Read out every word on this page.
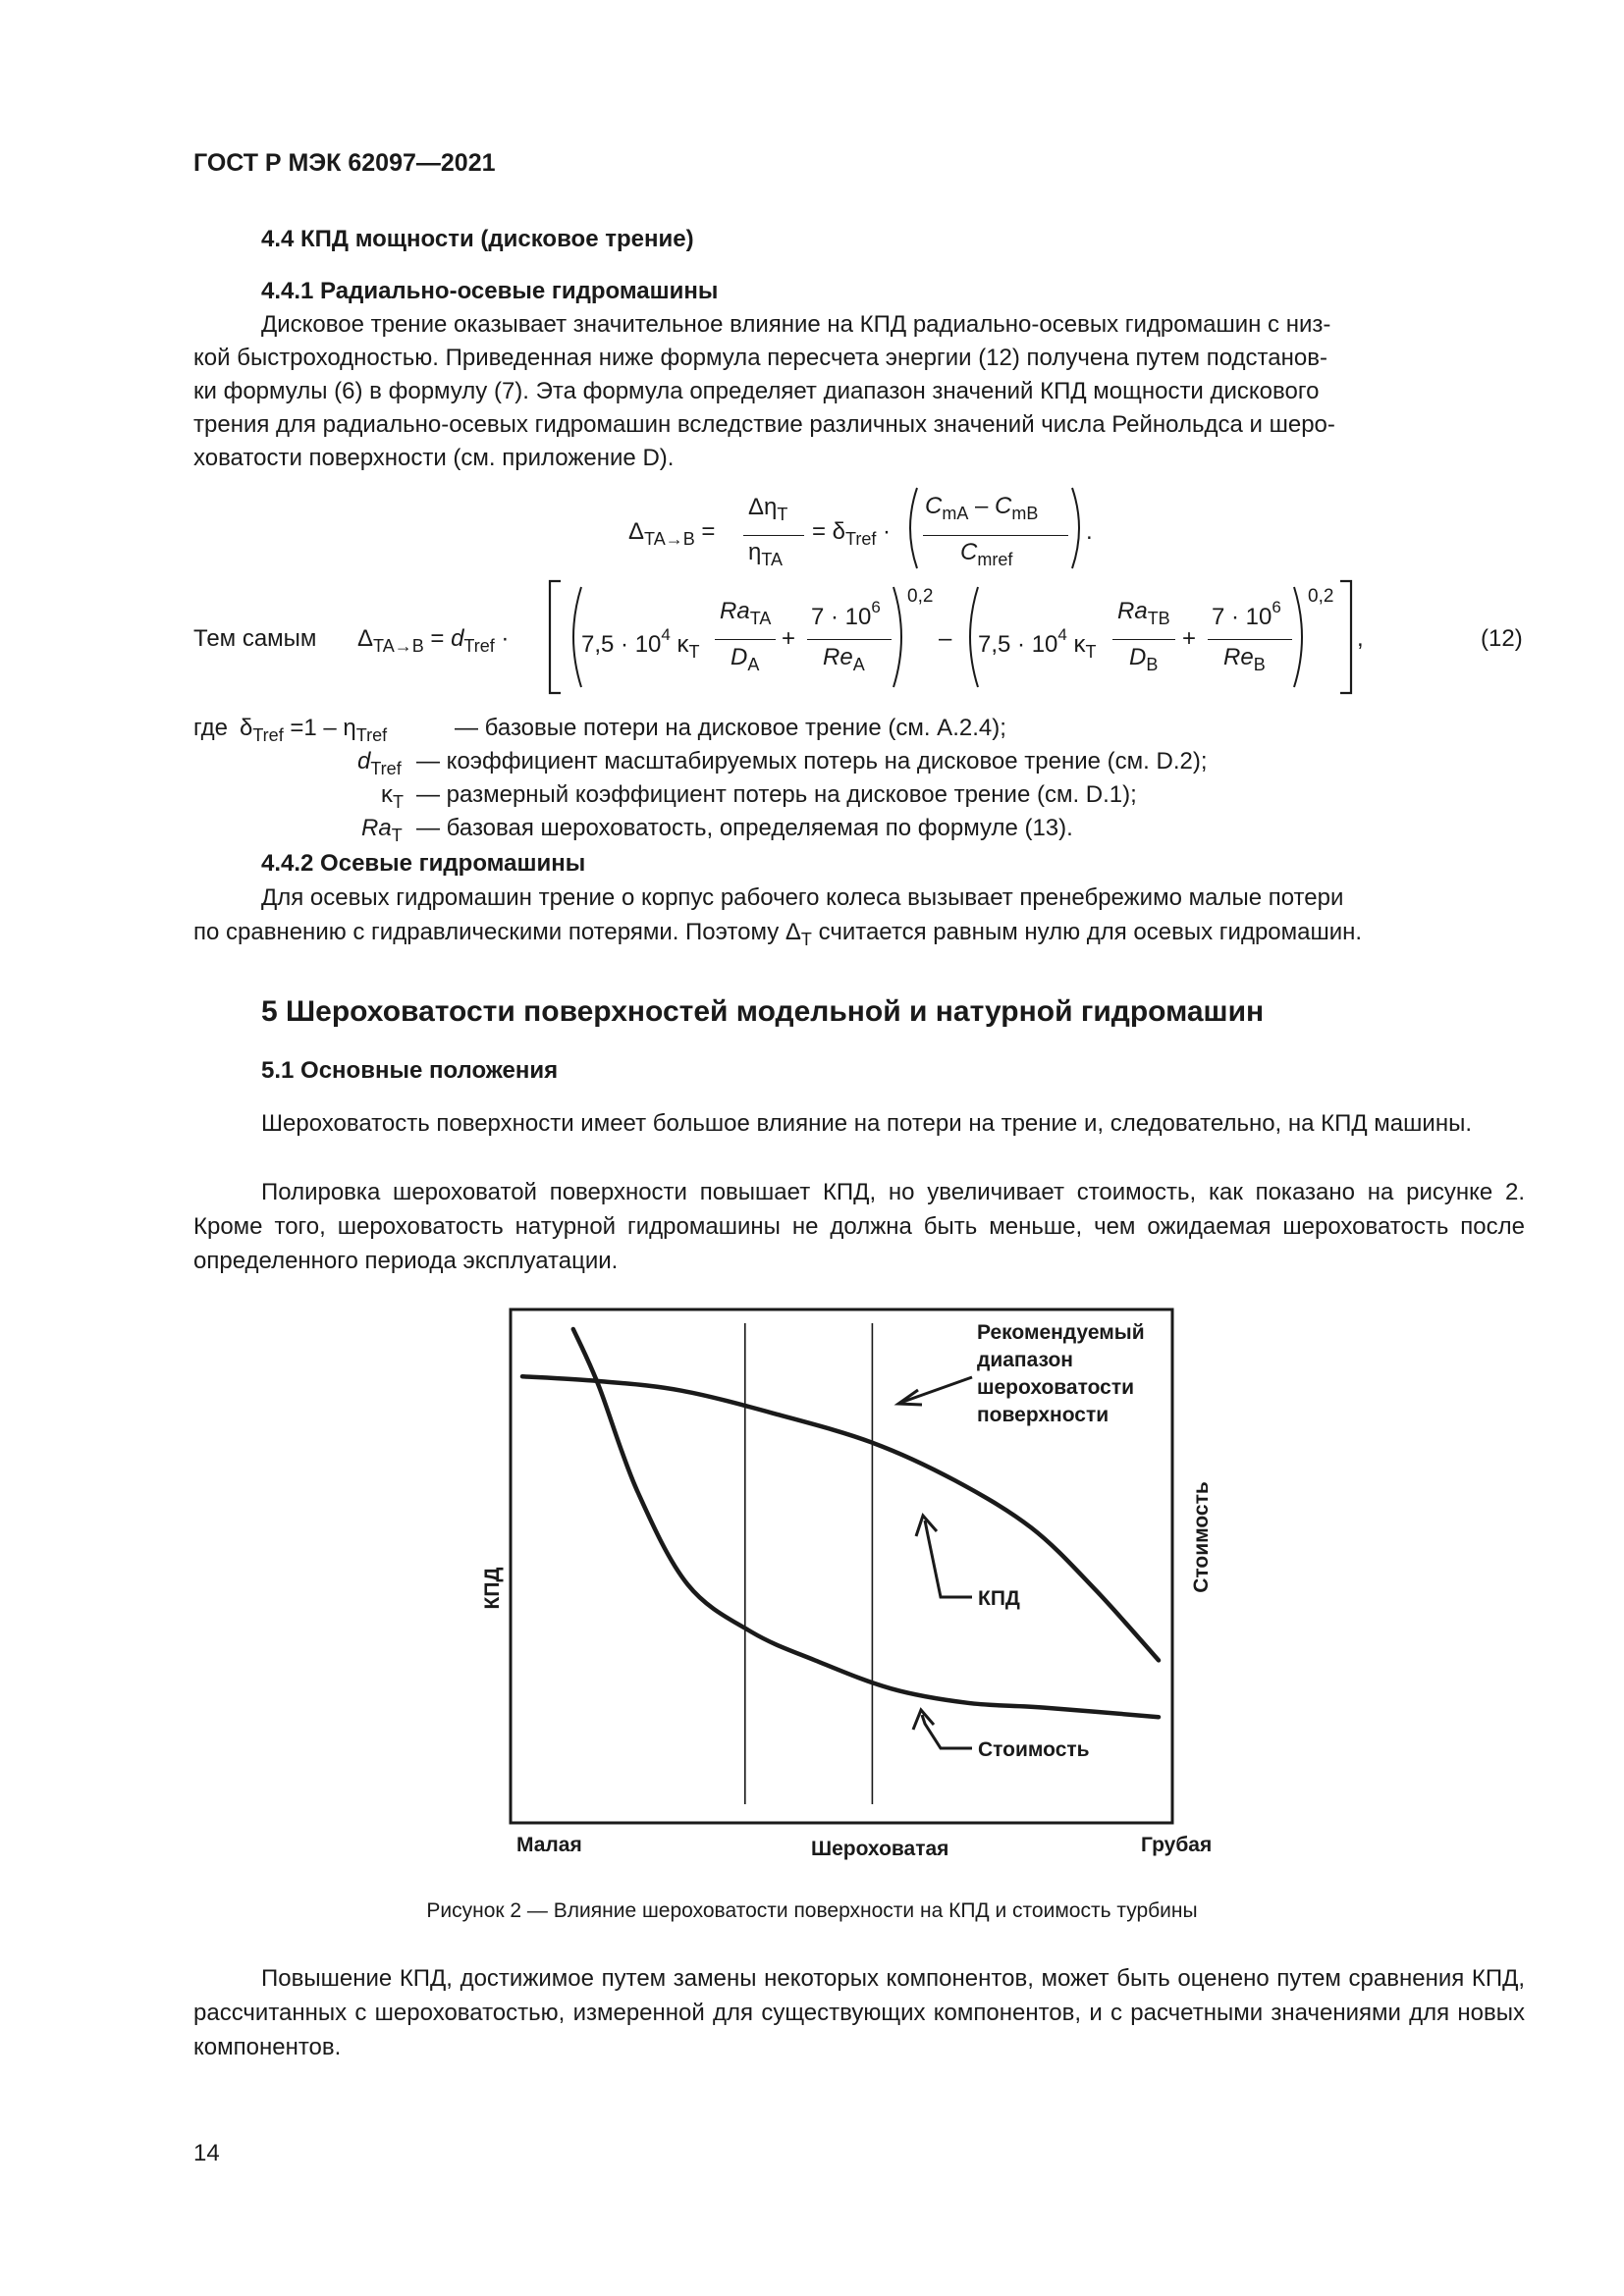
ГОСТ Р МЭК 62097—2021
4.4 КПД мощности (дисковое трение)
4.4.1 Радиально-осевые гидромашины
Дисковое трение оказывает значительное влияние на КПД радиально-осевых гидромашин с низ-
кой быстроходностью. Приведенная ниже формула пересчета энергии (12) получена путем подстанов-
ки формулы (6) в формулу (7). Эта формула определяет диапазон значений КПД мощности дискового
трения для радиально-осевых гидромашин вследствие различных значений числа Рейнольдса и шеро-
ховатости поверхности (см. приложение D).
$\Delta_{TA\to B}$ =
$\Delta\eta_T$
$\eta_{TA}$
= $\delta_{Tref}$ ·
$C_{mA} - C_{mB}$
$C_{mref}$
.
Тем самым $\Delta_{TA\to B} = d_{Tref}$ ·	$7,5 \cdot 10^4$ $\kappa_T$
$Ra_{TA}$
$D_A$
+
$7 \cdot 10^6$
$Re_A$
0,2
– $7,5 \cdot 10^4$ $\kappa_T$
$Ra_{TB}$
$D_B$
+
$7 \cdot 10^6$
$Re_B$
0,2
,	(12)
где $\delta_{Tref} =1 - \eta_{Tref}$	— базовые потери на дисковое трение (см. А.2.4);
$d_{Tref}$ — коэффициент масштабируемых потерь на дисковое трение (см. D.2);
$\kappa_T$ — размерный коэффициент потерь на дисковое трение (см. D.1);
$Ra_T$ — базовая шероховатость, определяемая по формуле (13).
4.4.2 Осевые гидромашины
Для осевых гидромашин трение о корпус рабочего колеса вызывает пренебрежимо малые потери
по сравнению с гидравлическими потерями. Поэтому $\Delta_T$ считается равным нулю для осевых гидромашин.
5 Шероховатости поверхностей модельной и натурной гидромашин
5.1 Основные положения
Шероховатость поверхности имеет большое влияние на потери на трение и, следовательно, на КПД машины.
Полировка шероховатой поверхности повышает КПД, но увеличивает стоимость, как показано на рисунке 2. Кроме того, шероховатость натурной гидромашины не должна быть меньше, чем ожидаемая шероховатость после определенного периода эксплуатации.
Рекомендуемый
диапазон
шероховатости
поверхности
КПД
Стоимость
Малая	Шероховатая	Грубая
КПД	Стоимость
Рисунок 2 — Влияние шероховатости поверхности на КПД и стоимость турбины
Повышение КПД, достижимое путем замены некоторых компонентов, может быть оценено путем сравнения КПД, рассчитанных с шероховатостью, измеренной для существующих компонентов, и с расчетными значениями для новых компонентов.
14
